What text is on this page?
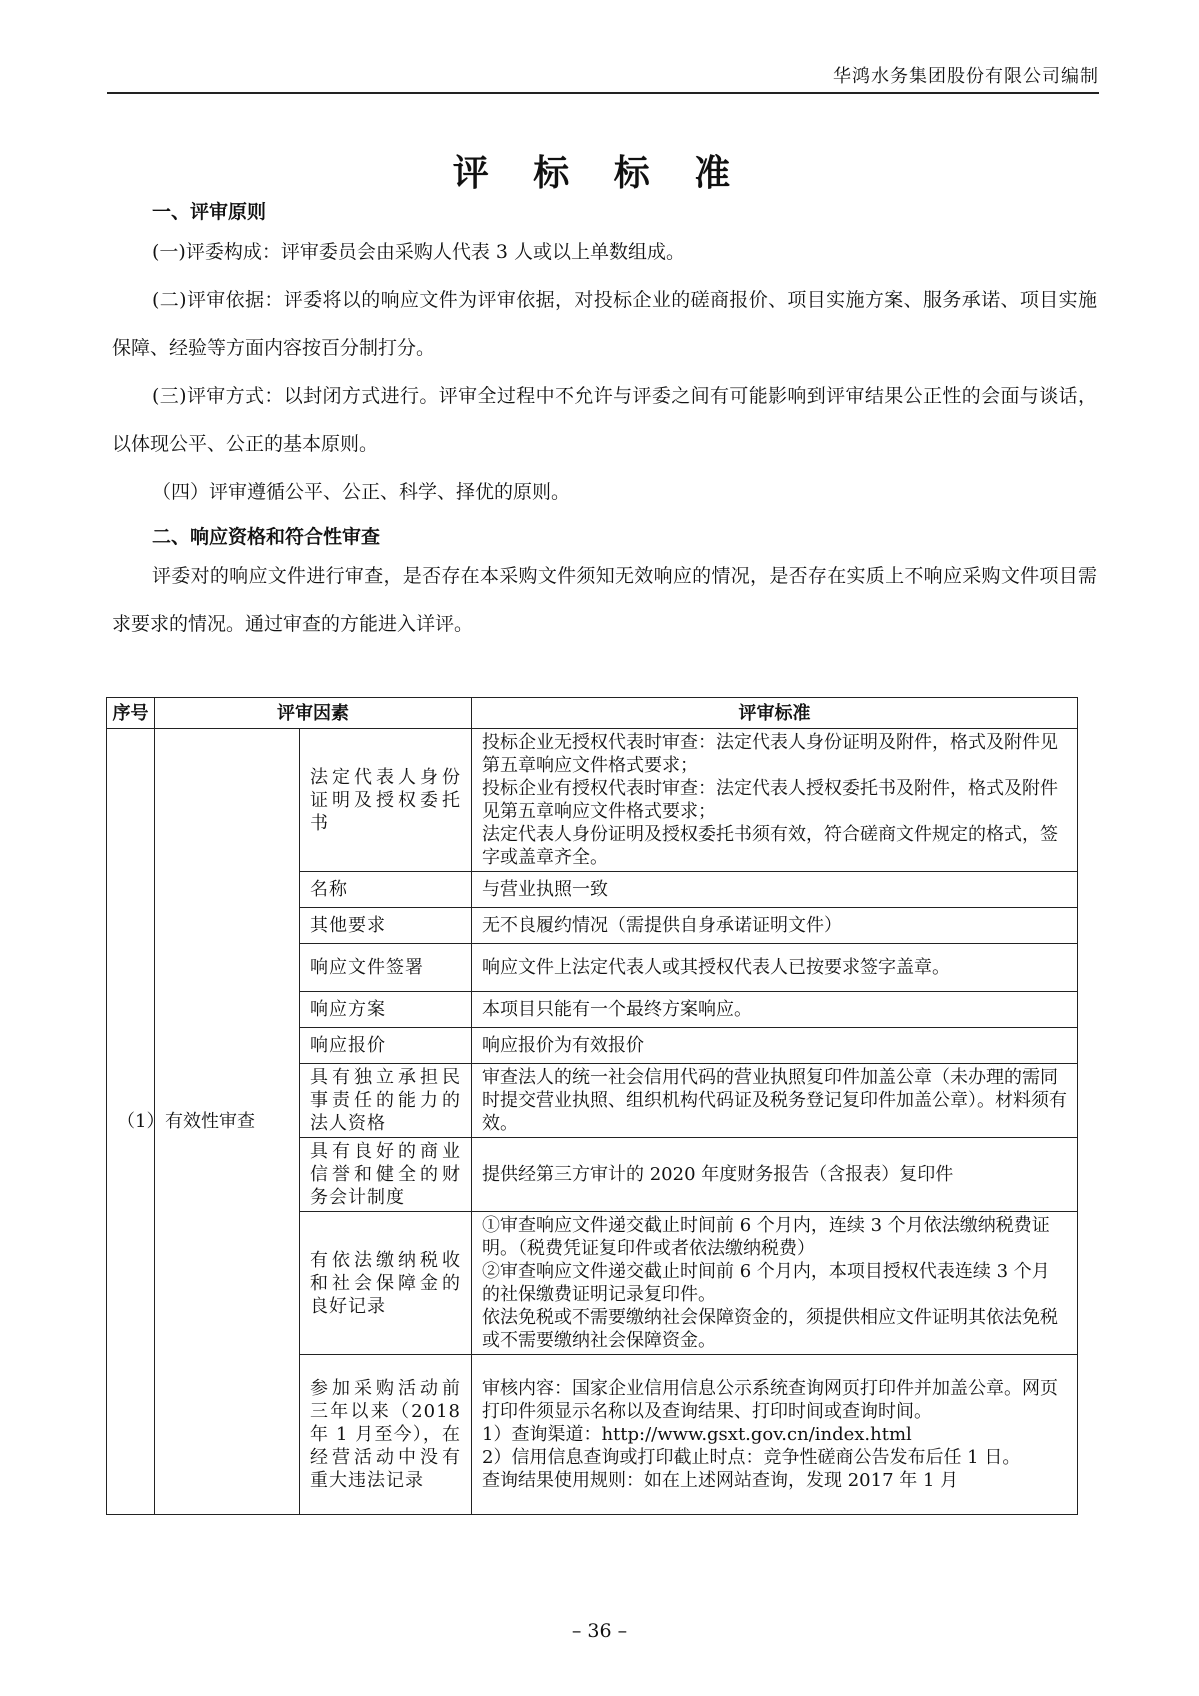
华鸿水务集团股份有限公司编制
评 标 标 准
一、评审原则
(一)评委构成：评审委员会由采购人代表 3 人或以上单数组成。
(二)评审依据：评委将以的响应文件为评审依据，对投标企业的磋商报价、项目实施方案、服务承诺、项目实施保障、经验等方面内容按百分制打分。
(三)评审方式：以封闭方式进行。评审全过程中不允许与评委之间有可能影响到评审结果公正性的会面与谈话，以体现公平、公正的基本原则。
（四）评审遵循公平、公正、科学、择优的原则。
二、响应资格和符合性审查
评委对的响应文件进行审查，是否存在本采购文件须知无效响应的情况，是否存在实质上不响应采购文件项目需求要求的情况。通过审查的方能进入详评。
序号	评审因素		评审标准
（1）	有效性审查	法定代表人身份证明及授权委托书	投标企业无授权代表时审查：法定代表人身份证明及附件，格式及附件见第五章响应文件格式要求；
投标企业有授权代表时审查：法定代表人授权委托书及附件，格式及附件见第五章响应文件格式要求；
法定代表人身份证明及授权委托书须有效，符合磋商文件规定的格式，签字或盖章齐全。

		名称	与营业执照一致

		其他要求	无不良履约情况（需提供自身承诺证明文件）

		响应文件签署	响应文件上法定代表人或其授权代表人已按要求签字盖章。

		响应方案	本项目只能有一个最终方案响应。

		响应报价	响应报价为有效报价

		具有独立承担民事责任的能力的法人资格	审查法人的统一社会信用代码的营业执照复印件加盖公章（未办理的需同时提交营业执照、组织机构代码证及税务登记复印件加盖公章）。材料须有效。

		具有良好的商业信誉和健全的财务会计制度	提供经第三方审计的 2020 年度财务报告（含报表）复印件

		有依法缴纳税收和社会保障金的良好记录	①审查响应文件递交截止时间前 6 个月内，连续 3 个月依法缴纳税费证明。（税费凭证复印件或者依法缴纳税费）
②审查响应文件递交截止时间前 6 个月内，本项目授权代表连续 3 个月的社保缴费证明记录复印件。
依法免税或不需要缴纳社会保障资金的，须提供相应文件证明其依法免税或不需要缴纳社会保障资金。

		参加采购活动前三年以来（2018年 1 月至今），在经营活动中没有重大违法记录	审核内容：国家企业信用信息公示系统查询网页打印件并加盖公章。网页打印件须显示名称以及查询结果、打印时间或查询时间。
1）查询渠道：http://www.gsxt.gov.cn/index.html
2）信用信息查询或打印截止时点：竞争性磋商公告发布后任 1 日。
查询结果使用规则：如在上述网站查询，发现 2017 年 1 月
– 36 –
